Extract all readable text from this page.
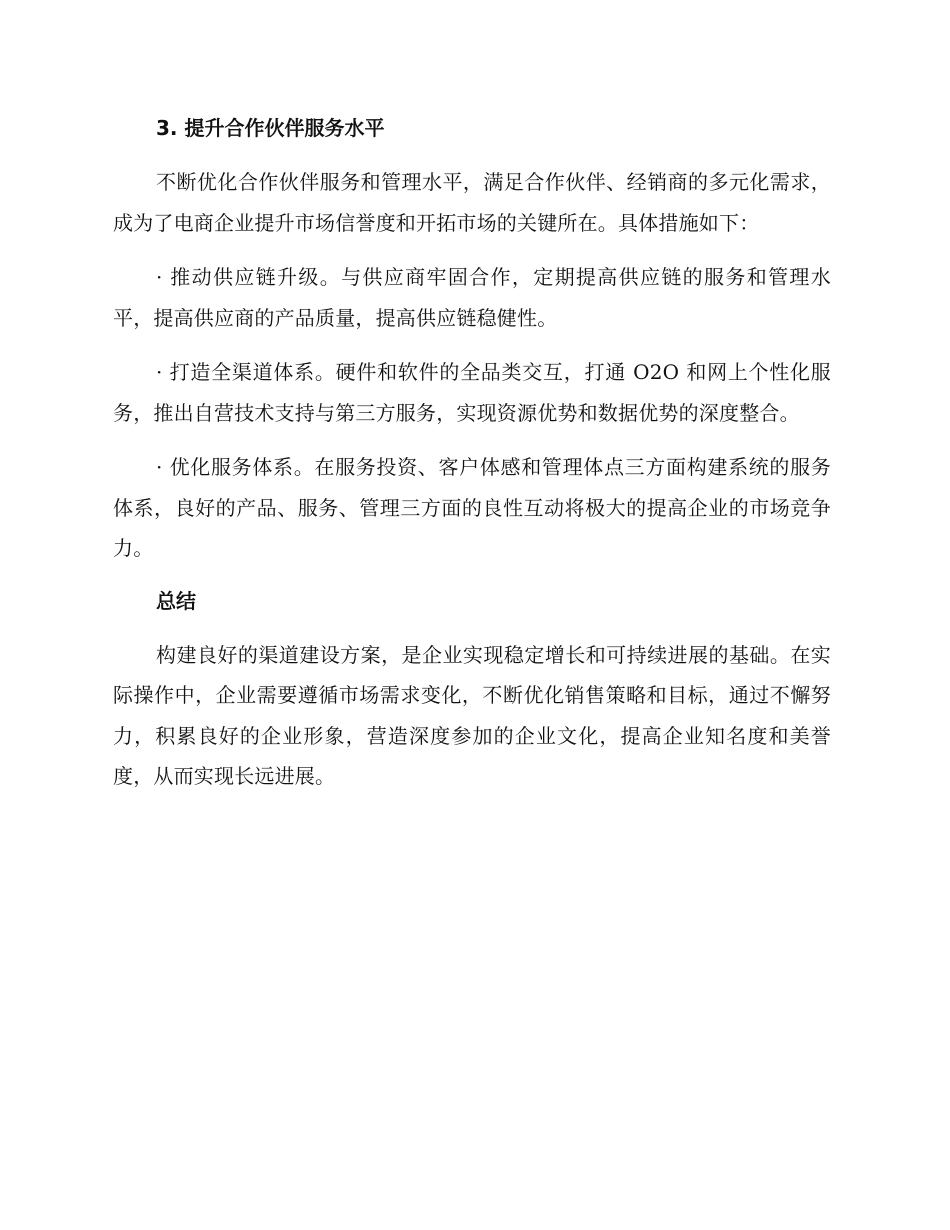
3. 提升合作伙伴服务水平

不断优化合作伙伴服务和管理水平，满足合作伙伴、经销商的多元化需求，成为了电商企业提升市场信誉度和开拓市场的关键所在。具体措施如下：

· 推动供应链升级。与供应商牢固合作，定期提高供应链的服务和管理水平，提高供应商的产品质量，提高供应链稳健性。

· 打造全渠道体系。硬件和软件的全品类交互，打通 O2O 和网上个性化服务，推出自营技术支持与第三方服务，实现资源优势和数据优势的深度整合。

· 优化服务体系。在服务投资、客户体感和管理体点三方面构建系统的服务体系，良好的产品、服务、管理三方面的良性互动将极大的提高企业的市场竞争力。

总结

构建良好的渠道建设方案，是企业实现稳定增长和可持续进展的基础。在实际操作中，企业需要遵循市场需求变化，不断优化销售策略和目标，通过不懈努力，积累良好的企业形象，营造深度参加的企业文化，提高企业知名度和美誉度，从而实现长远进展。
